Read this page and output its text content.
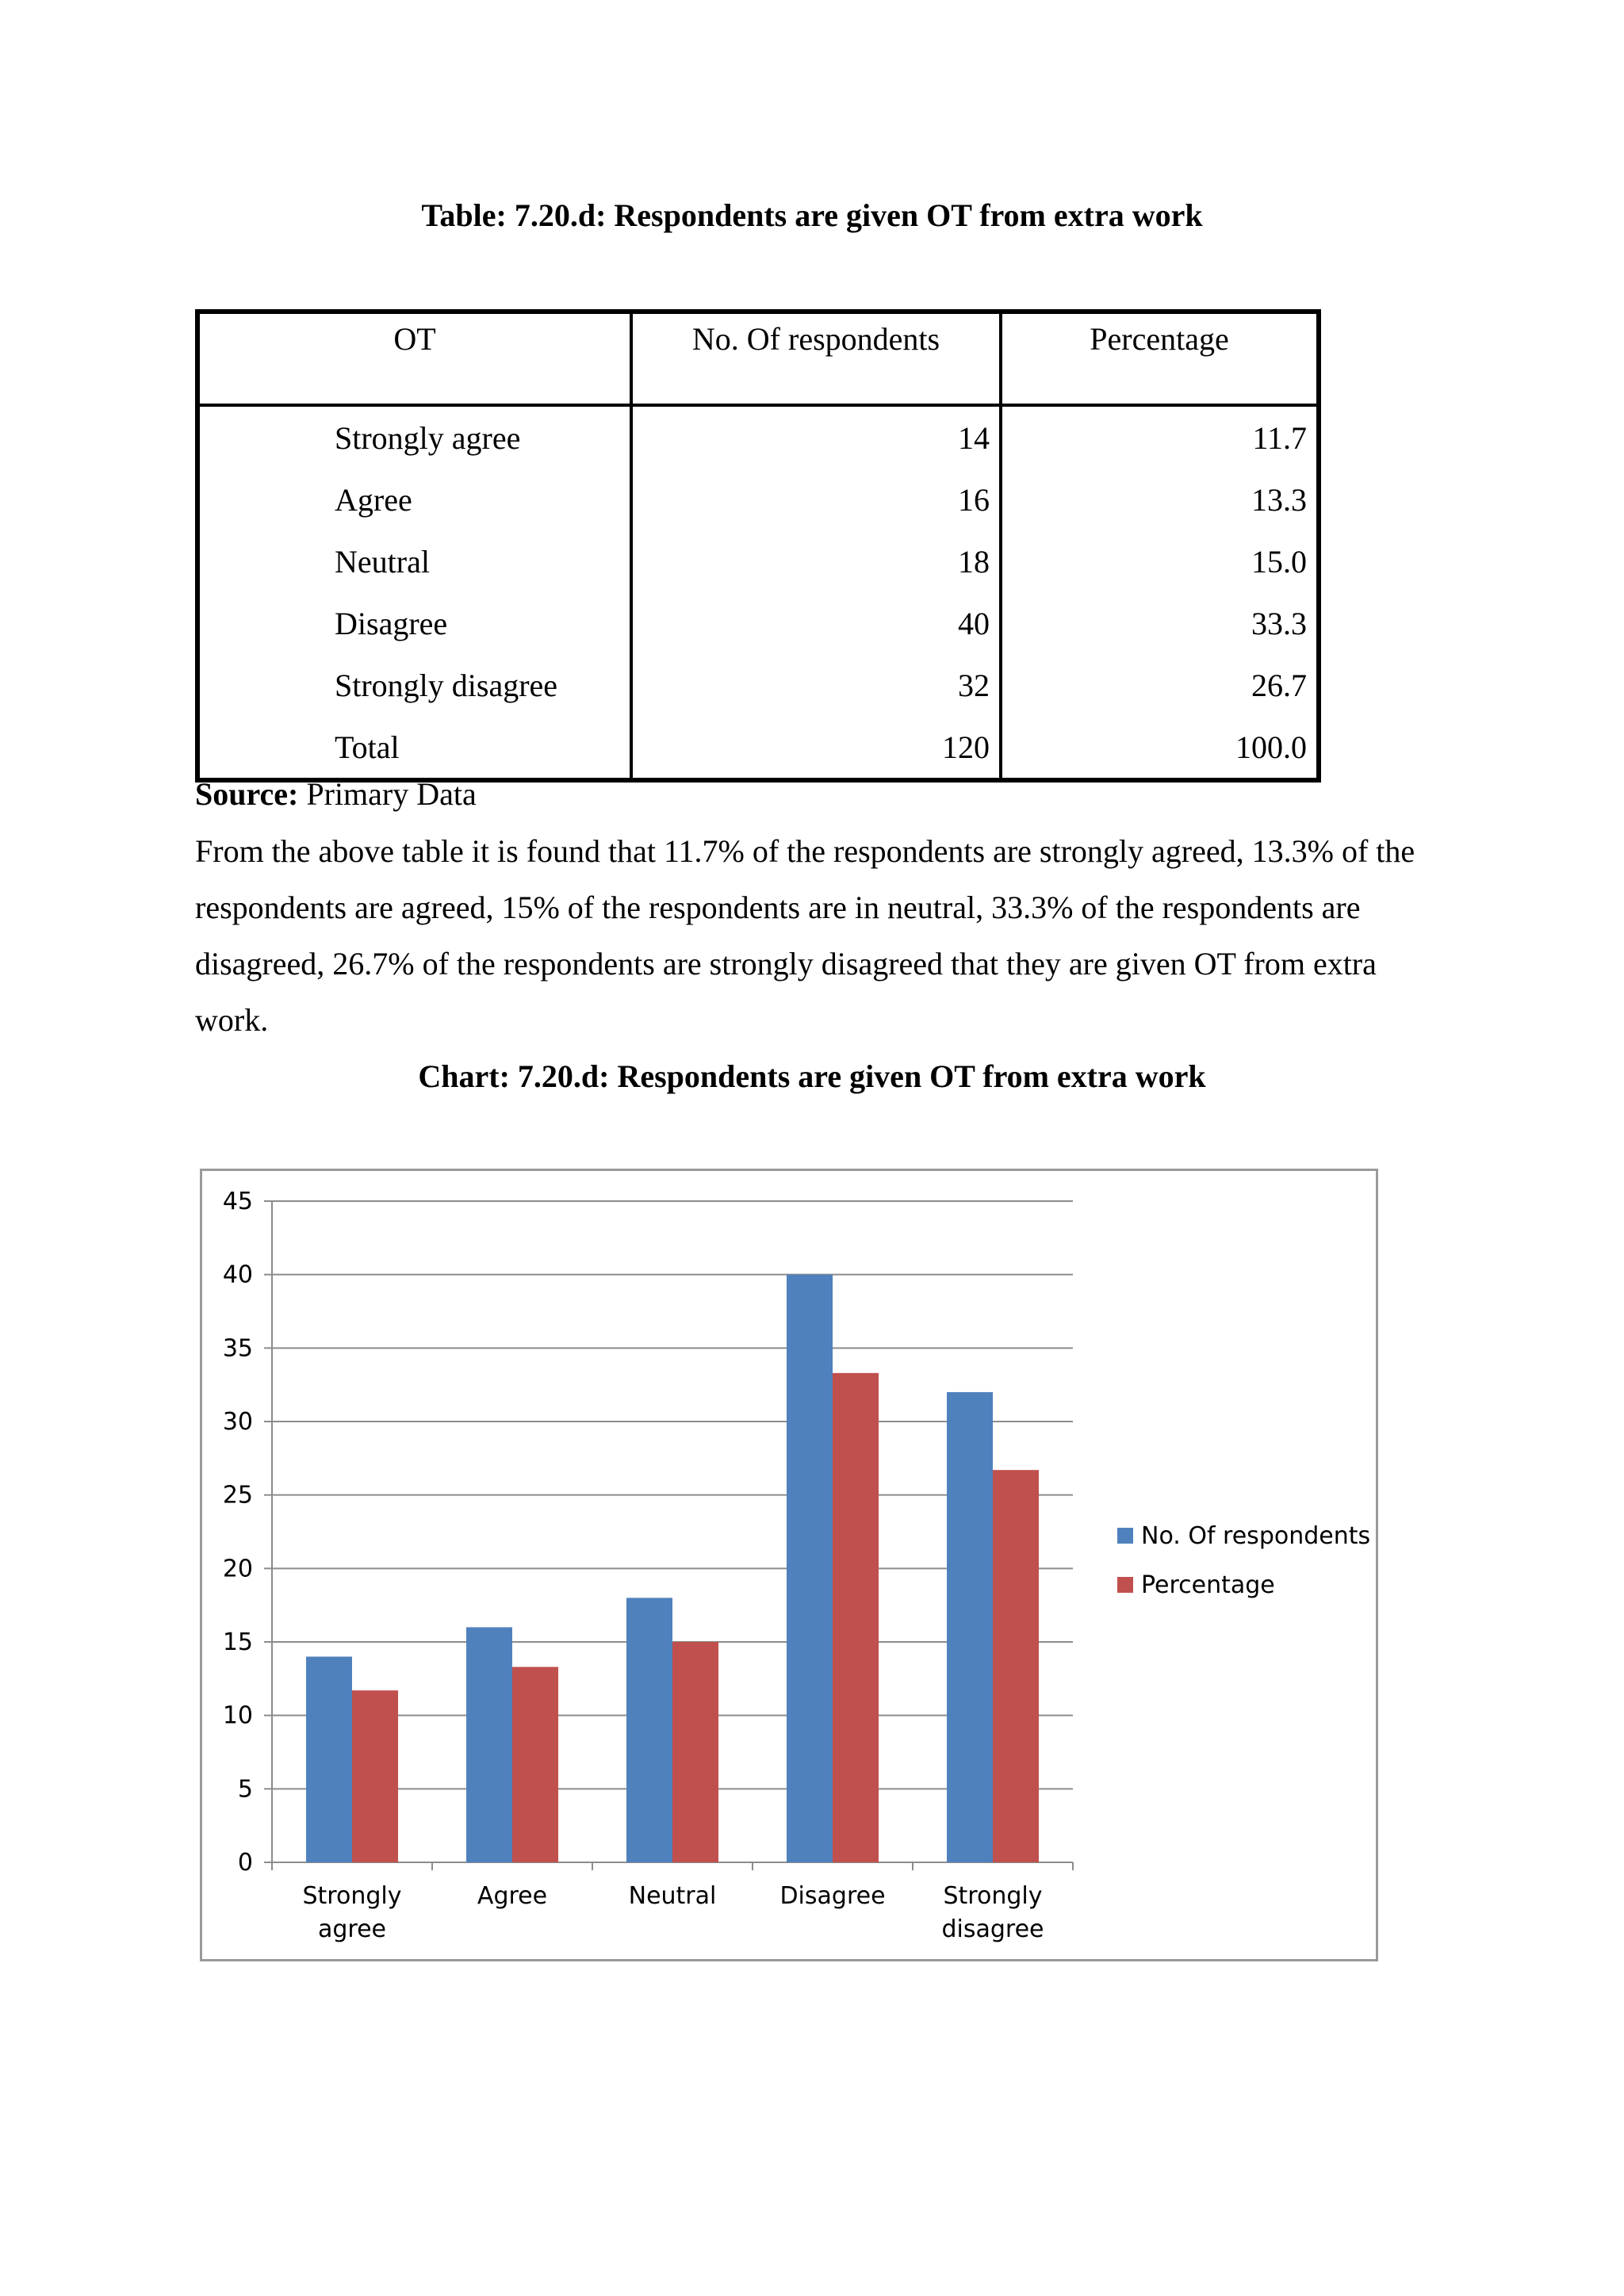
Table: 7.20.d: Respondents are given OT from extra work
OT	No. Of respondents	Percentage
Strongly agree	14	11.7
Agree	16	13.3
Neutral	18	15.0
Disagree	40	33.3
Strongly disagree	32	26.7
Total	120	100.0
Source: Primary Data
From the above table it is found that 11.7% of the respondents are strongly agreed, 13.3% of the respondents are agreed, 15% of the respondents are in neutral, 33.3% of the respondents are disagreed, 26.7% of the respondents are strongly disagreed that they are given OT from extra work.
Chart: 7.20.d: Respondents are given OT from extra work
0
5
10
15
20
25
30
35
40
45
Strongly
agree
Agree	Neutral	Disagree Strongly
disagree
No. Of respondents
Percentage
